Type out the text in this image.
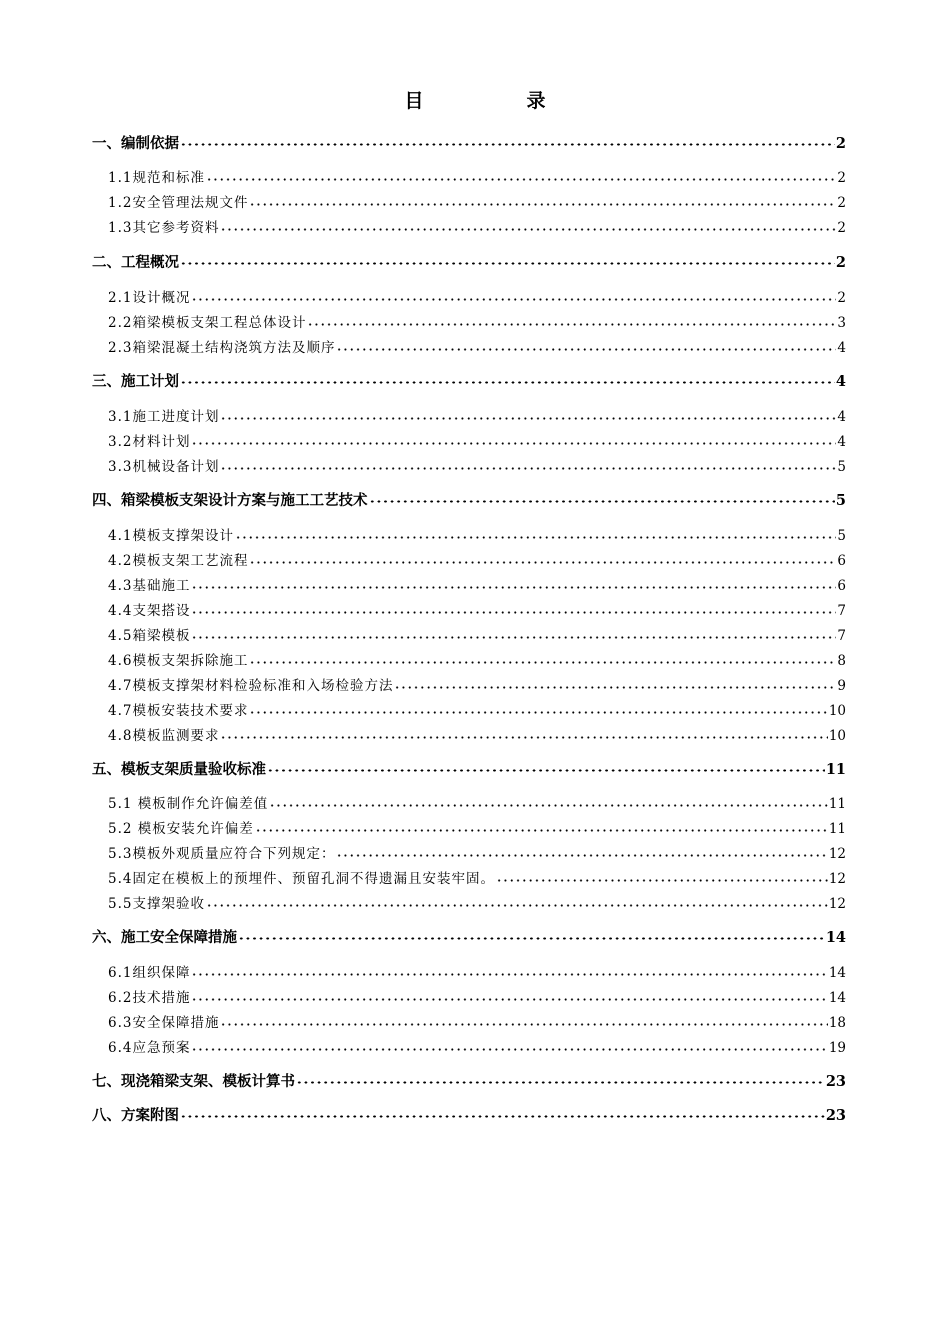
目　录
一、编制依据	2
1.1规范和标准	2
1.2安全管理法规文件	2
1.3其它参考资料	2
二、工程概况	2
2.1设计概况	2
2.2箱梁模板支架工程总体设计	3
2.3箱梁混凝土结构浇筑方法及顺序	4
三、施工计划	4
3.1施工进度计划	4
3.2材料计划	4
3.3机械设备计划	5
四、箱梁模板支架设计方案与施工工艺技术	5
4.1模板支撑架设计	5
4.2模板支架工艺流程	6
4.3基础施工	6
4.4支架搭设	7
4.5箱梁模板	7
4.6模板支架拆除施工	8
4.7模板支撑架材料检验标准和入场检验方法	9
4.7模板安装技术要求	10
4.8模板监测要求	10
五、模板支架质量验收标准	11
5.1 模板制作允许偏差值	11
5.2 模板安装允许偏差	11
5.3模板外观质量应符合下列规定：	12
5.4固定在模板上的预埋件、预留孔洞不得遗漏且安装牢固。	12
5.5支撑架验收	12
六、施工安全保障措施	14
6.1组织保障	14
6.2技术措施	14
6.3安全保障措施	18
6.4应急预案	19
七、现浇箱梁支架、模板计算书	23
八、方案附图	23
